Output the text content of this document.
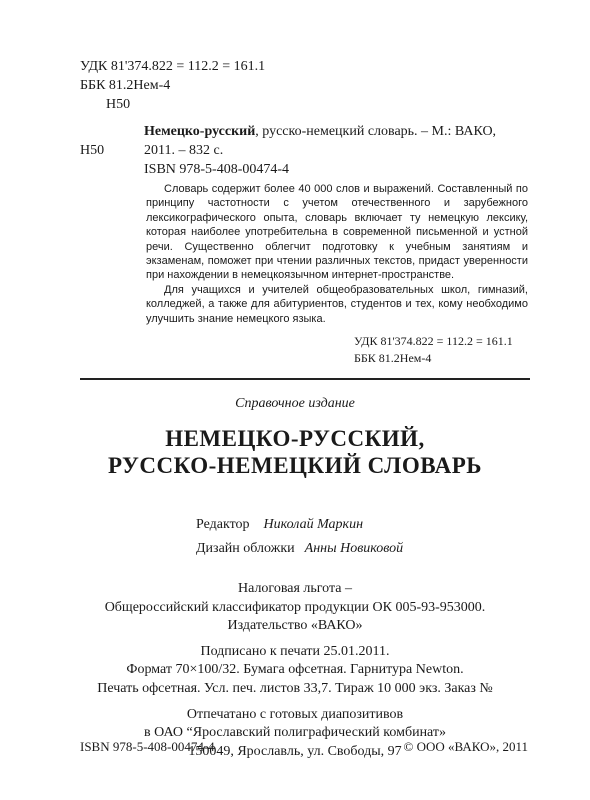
УДК 81'374.822 = 112.2 = 161.1
ББК 81.2Нем-4
Н50
Немецко-русский, русско-немецкий словарь. – М.: ВАКО,
Н50	2011. – 832 с.
ISBN 978-5-408-00474-4

Словарь содержит более 40 000 слов и выражений. Составленный по принципу частотности с учетом отечественного и зарубежного лексикографического опыта, словарь включает ту немецкую лексику, которая наиболее употребительна в современной письменной и устной речи. Существенно облегчит подготовку к учебным занятиям и экзаменам, поможет при чтении различных текстов, придаст уверенности при нахождении в немецкоязычном интернет-пространстве.

Для учащихся и учителей общеобразовательных школ, гимназий, колледжей, а также для абитуриентов, студентов и тех, кому необходимо улучшить знание немецкого языка.

УДК 81'374.822 = 112.2 = 161.1
ББК 81.2Нем-4
Справочное издание
НЕМЕЦКО-РУССКИЙ,
РУССКО-НЕМЕЦКИЙ СЛОВАРЬ
Редактор Николай Маркин
Дизайн обложки Анны Новиковой
Налоговая льгота –
Общероссийский классификатор продукции ОК 005-93-953000.
Издательство «ВАКО»
Подписано к печати 25.01.2011.
Формат 70×100/32. Бумага офсетная. Гарнитура Newton.
Печать офсетная. Усл. печ. листов 33,7. Тираж 10 000 экз. Заказ №
Отпечатано с готовых диапозитивов
в ОАО “Ярославский полиграфический комбинат»
150049, Ярославль, ул. Свободы, 97
ISBN 978-5-408-00474-4	© ООО «ВАКО», 2011
